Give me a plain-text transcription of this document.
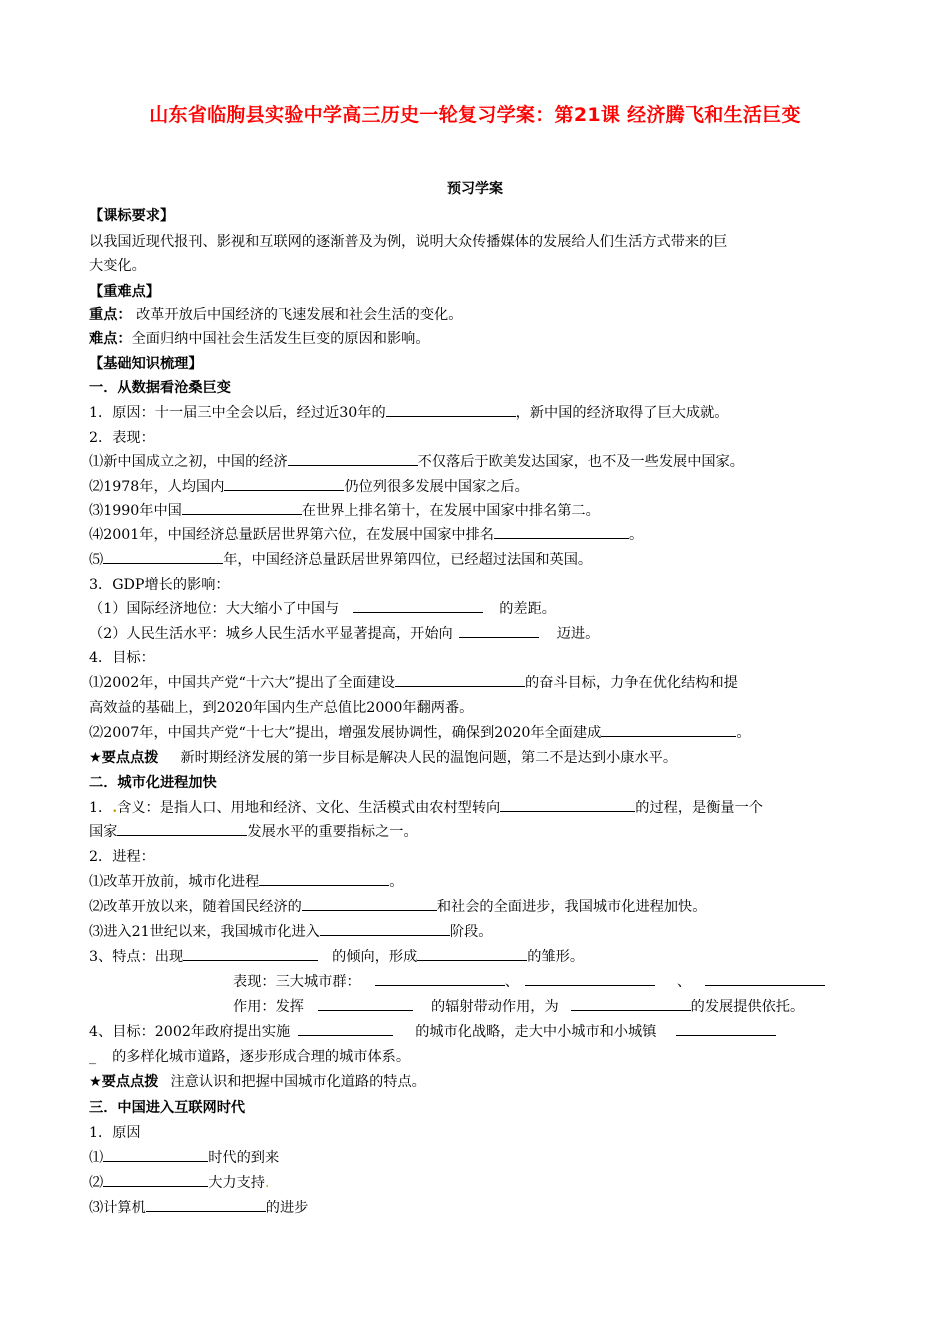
山东省临朐县实验中学高三历史一轮复习学案：第21课 经济腾飞和生活巨变
预习学案
【课标要求】
以我国近现代报刊、影视和互联网的逐渐普及为例，说明大众传播媒体的发展给人们生活方式带来的巨
大变化。
【重难点】
重点： 改革开放后中国经济的飞速发展和社会生活的变化。
难点：全面归纳中国社会生活发生巨变的原因和影响。
【基础知识梳理】
一．从数据看沧桑巨变
1．原因：十一届三中全会以后，经过近30年的	，新中国的经济取得了巨大成就。
2．表现：
⑴新中国成立之初，中国的经济	不仅落后于欧美发达国家，也不及一些发展中国家。
⑵1978年，人均国内	仍位列很多发展中国家之后。
⑶1990年中国	在世界上排名第十，在发展中国家中排名第二。
⑷2001年，中国经济总量跃居世界第六位，在发展中国家中排名	。
⑸	年，中国经济总量跃居世界第四位，已经超过法国和英国。
3．GDP增长的影响：
（1）国际经济地位：大大缩小了中国与	的差距。
（2）人民生活水平：城乡人民生活水平显著提高，开始向	迈进。
4．目标：
⑴2002年，中国共产党“十六大”提出了全面建设	的奋斗目标，力争在优化结构和提
高效益的基础上，到2020年国内生产总值比2000年翻两番。
⑵2007年，中国共产党“十七大”提出，增强发展协调性，确保到2020年全面建成	。
★要点点拨 新时期经济发展的第一步目标是解决人民的温饱问题，第二不是达到小康水平。
二．城市化进程加快
1．.含义：是指人口、用地和经济、文化、生活模式由农村型转向	的过程，是衡量一个
国家	发展水平的重要指标之一。
2．进程：
⑴改革开放前，城市化进程	。
⑵改革开放以来，随着国民经济的	和社会的全面进步，我国城市化进程加快。
⑶进入21世纪以来，我国城市化进入	阶段。
3、特点：出现	的倾向，形成	的雏形。
表现：三大城市群：	、	、
作用：发挥	的辐射带动作用，为	的发展提供依托。
4、目标：2002年政府提出实施	的城市化战略，走大中小城市和小城镇
_ 的多样化城市道路，逐步形成合理的城市体系。
★要点点拨 注意认识和把握中国城市化道路的特点。
三．中国进入互联网时代
1．原因
⑴	时代的到来
⑵	大力支持.
⑶计算机	的进步
